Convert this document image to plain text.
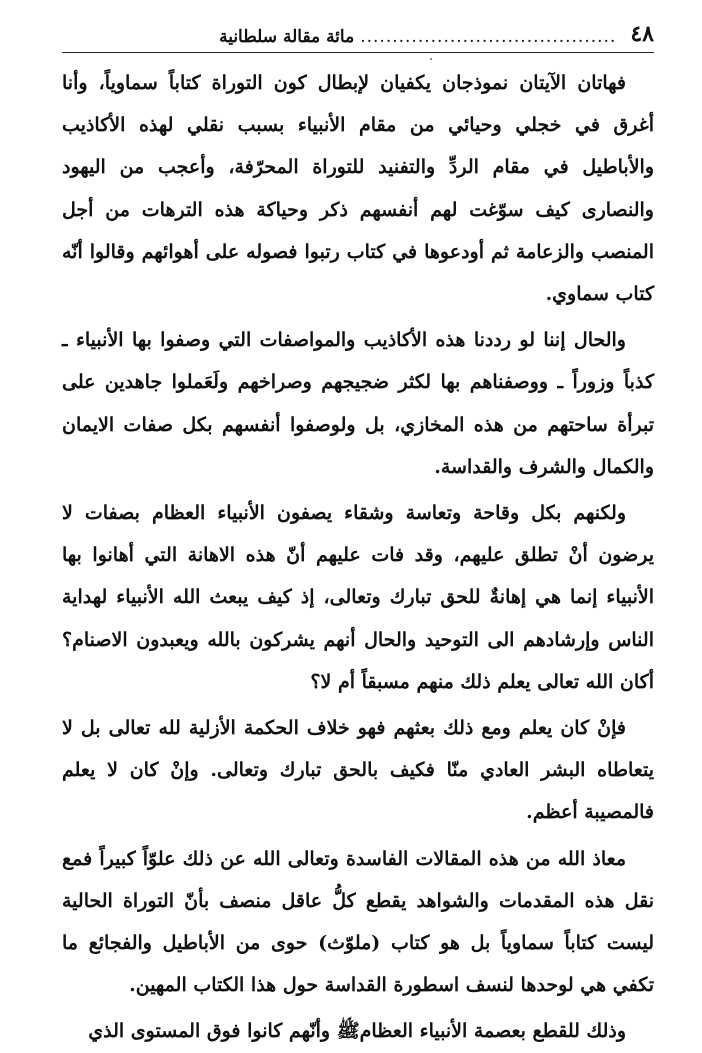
٤٨
........................................
مائة مقالة سلطانية

فهاتان الآيتان نموذجان يكفيان لإبطال كون التوراة كتاباً سماوياً، وأنا أغرق في خجلي وحيائي من مقام الأنبياء بسبب نقلي لهذه الأكاذيب والأباطيل في مقام الردِّ والتفنيد للتوراة المحرّفة، وأعجب من اليهود والنصارى كيف سوّغت لهم أنفسهم ذكر وحياكة هذه الترهات من أجل المنصب والزعامة ثم أودعوها في كتاب رتبوا فصوله على أهوائهم وقالوا أنّه كتاب سماوي.

والحال إننا لو رددنا هذه الأكاذيب والمواصفات التي وصفوا بها الأنبياء ـ كذباً وزوراً ـ ووصفناهم بها لكثر ضجيجهم وصراخهم ولَعَملوا جاهدين على تبرأة ساحتهم من هذه المخازي، بل ولوصفوا أنفسهم بكل صفات الايمان والكمال والشرف والقداسة.

ولكنهم بكل وقاحة وتعاسة وشقاء يصفون الأنبياء العظام بصفات لا يرضون أنْ تطلق عليهم، وقد فات عليهم أنّ هذه الاهانة التي أهانوا بها الأنبياء إنما هي إهانةٌ للحق تبارك وتعالى، إذ كيف يبعث الله الأنبياء لهداية الناس وإرشادهم الى التوحيد والحال أنهم يشركون بالله ويعبدون الاصنام؟ أكان الله تعالى يعلم ذلك منهم مسبقاً أم لا؟

فإنْ كان يعلم ومع ذلك بعثهم فهو خلاف الحكمة الأزلية لله تعالى بل لا يتعاطاه البشر العادي منّا فكيف بالحق تبارك وتعالى. وإنْ كان لا يعلم فالمصيبة أعظم.

معاذ الله من هذه المقالات الفاسدة وتعالى الله عن ذلك علوّاً كبيراً فمع نقل هذه المقدمات والشواهد يقطع كلُّ عاقل منصف بأنّ التوراة الحالية ليست كتاباً سماوياً بل هو كتاب (ملوّث) حوى من الأباطيل والفجائع ما تكفي هي لوحدها لنسف اسطورة القداسة حول هذا الكتاب المهين.

وذلك للقطع بعصمة الأنبياء العظامﷺ وأنّهم كانوا فوق المستوى الذي
